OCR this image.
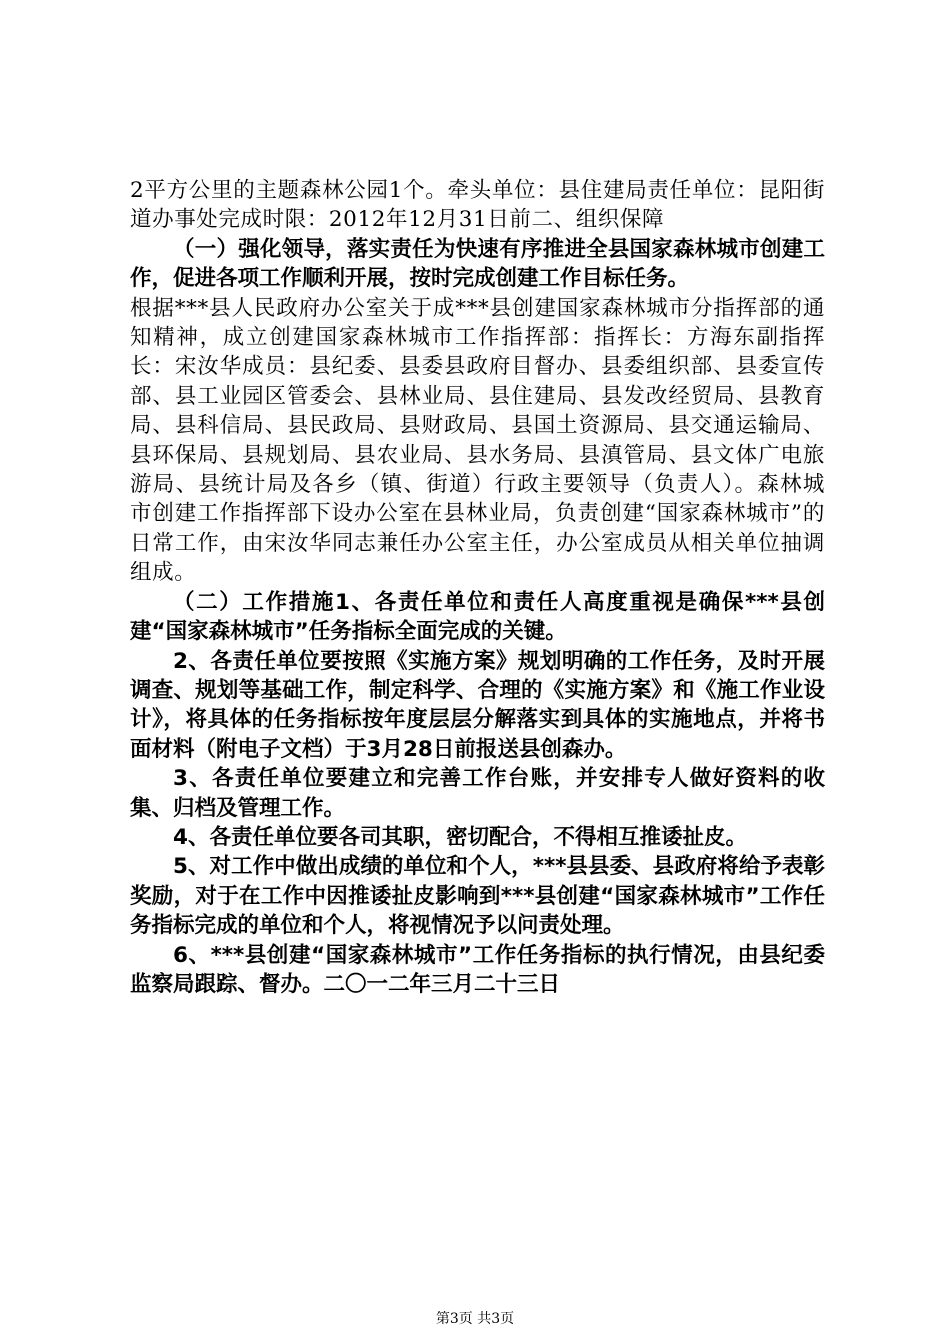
2平方公里的主题森林公园1个。牵头单位：县住建局责任单位：昆阳街道办事处完成时限：2012年12月31日前二、组织保障

（一）强化领导，落实责任为快速有序推进全县国家森林城市创建工作，促进各项工作顺利开展，按时完成创建工作目标任务。

根据***县人民政府办公室关于成***县创建国家森林城市分指挥部的通知精神，成立创建国家森林城市工作指挥部：指挥长：方海东副指挥长：宋汝华成员：县纪委、县委县政府目督办、县委组织部、县委宣传部、县工业园区管委会、县林业局、县住建局、县发改经贸局、县教育局、县科信局、县民政局、县财政局、县国土资源局、县交通运输局、县环保局、县规划局、县农业局、县水务局、县滇管局、县文体广电旅游局、县统计局及各乡（镇、街道）行政主要领导（负责人）。森林城市创建工作指挥部下设办公室在县林业局，负责创建“国家森林城市”的日常工作，由宋汝华同志兼任办公室主任，办公室成员从相关单位抽调组成。

（二）工作措施1、各责任单位和责任人高度重视是确保***县创建“国家森林城市”任务指标全面完成的关键。

2、各责任单位要按照《实施方案》规划明确的工作任务，及时开展调查、规划等基础工作，制定科学、合理的《实施方案》和《施工作业设计》，将具体的任务指标按年度层层分解落实到具体的实施地点，并将书面材料（附电子文档）于3月28日前报送县创森办。

3、各责任单位要建立和完善工作台账，并安排专人做好资料的收集、归档及管理工作。

4、各责任单位要各司其职，密切配合，不得相互推诿扯皮。

5、对工作中做出成绩的单位和个人，***县县委、县政府将给予表彰奖励，对于在工作中因推诿扯皮影响到***县创建“国家森林城市”工作任务指标完成的单位和个人，将视情况予以问责处理。

6、***县创建“国家森林城市”工作任务指标的执行情况，由县纪委监察局跟踪、督办。二〇一二年三月二十三日

第3页 共3页
